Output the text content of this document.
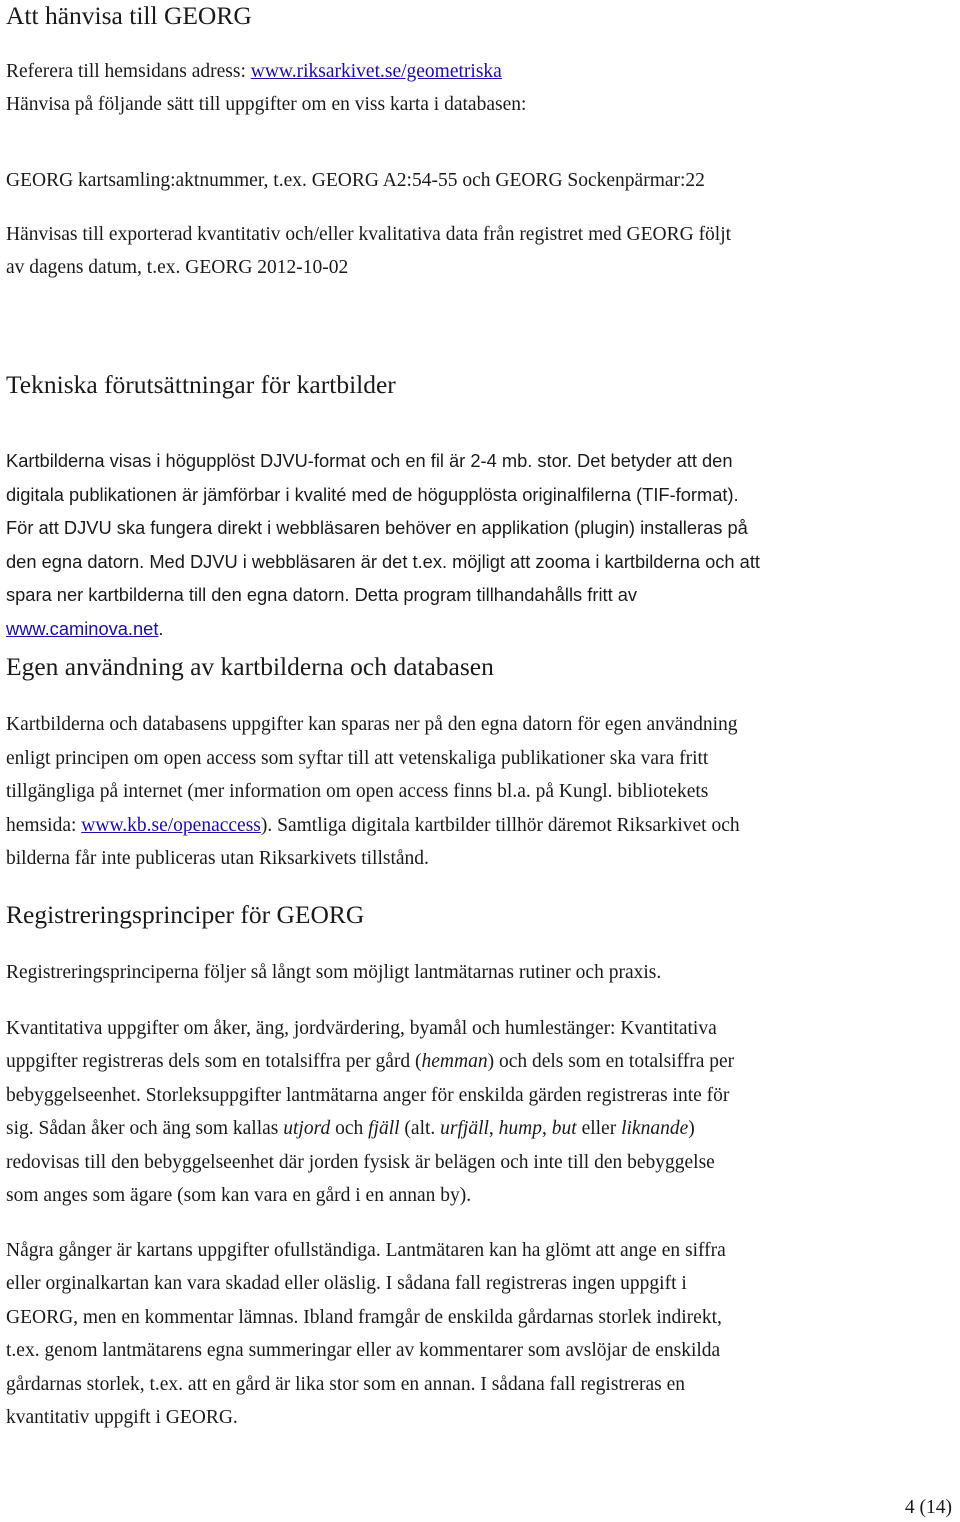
Att hänvisa till GEORG

Referera till hemsidans adress: www.riksarkivet.se/geometriska

Hänvisa på följande sätt till uppgifter om en viss karta i databasen:

GEORG kartsamling:aktnummer, t.ex. GEORG A2:54-55 och GEORG Sockenpärmar:22

Hänvisas till exporterad kvantitativ och/eller kvalitativa data från registret med GEORG följt

av dagens datum, t.ex. GEORG 2012-10-02

Tekniska förutsättningar för kartbilder

Kartbilderna visas i högupplöst DJVU-format och en fil är 2-4 mb. stor. Det betyder att den

digitala publikationen är jämförbar i kvalité med de högupplösta originalfilerna (TIF-format).

För att DJVU ska fungera direkt i webbläsaren behöver en applikation (plugin) installeras på

den egna datorn. Med DJVU i webbläsaren är det t.ex. möjligt att zooma i kartbilderna och att

spara ner kartbilderna till den egna datorn. Detta program tillhandahålls fritt av

www.caminova.net.

Egen användning av kartbilderna och databasen

Kartbilderna och databasens uppgifter kan sparas ner på den egna datorn för egen användning

enligt principen om open access som syftar till att vetenskaliga publikationer ska vara fritt

tillgängliga på internet (mer information om open access finns bl.a. på Kungl. bibliotekets

hemsida: www.kb.se/openaccess). Samtliga digitala kartbilder tillhör däremot Riksarkivet och

bilderna får inte publiceras utan Riksarkivets tillstånd.

Registreringsprinciper för GEORG

Registreringsprinciperna följer så långt som möjligt lantmätarnas rutiner och praxis.

Kvantitativa uppgifter om åker, äng, jordvärdering, byamål och humlestänger: Kvantitativa

uppgifter registreras dels som en totalsiffra per gård (hemman) och dels som en totalsiffra per

bebyggelseenhet. Storleksuppgifter lantmätarna anger för enskilda gärden registreras inte för

sig. Sådan åker och äng som kallas utjord och fjäll (alt. urfjäll, hump, but eller liknande)

redovisas till den bebyggelseenhet där jorden fysisk är belägen och inte till den bebyggelse

som anges som ägare (som kan vara en gård i en annan by).

Några gånger är kartans uppgifter ofullständiga. Lantmätaren kan ha glömt att ange en siffra

eller orginalkartan kan vara skadad eller oläslig. I sådana fall registreras ingen uppgift i

GEORG, men en kommentar lämnas. Ibland framgår de enskilda gårdarnas storlek indirekt,

t.ex. genom lantmätarens egna summeringar eller av kommentarer som avslöjar de enskilda

gårdarnas storlek, t.ex. att en gård är lika stor som en annan. I sådana fall registreras en

kvantitativ uppgift i GEORG.

4 (14)
